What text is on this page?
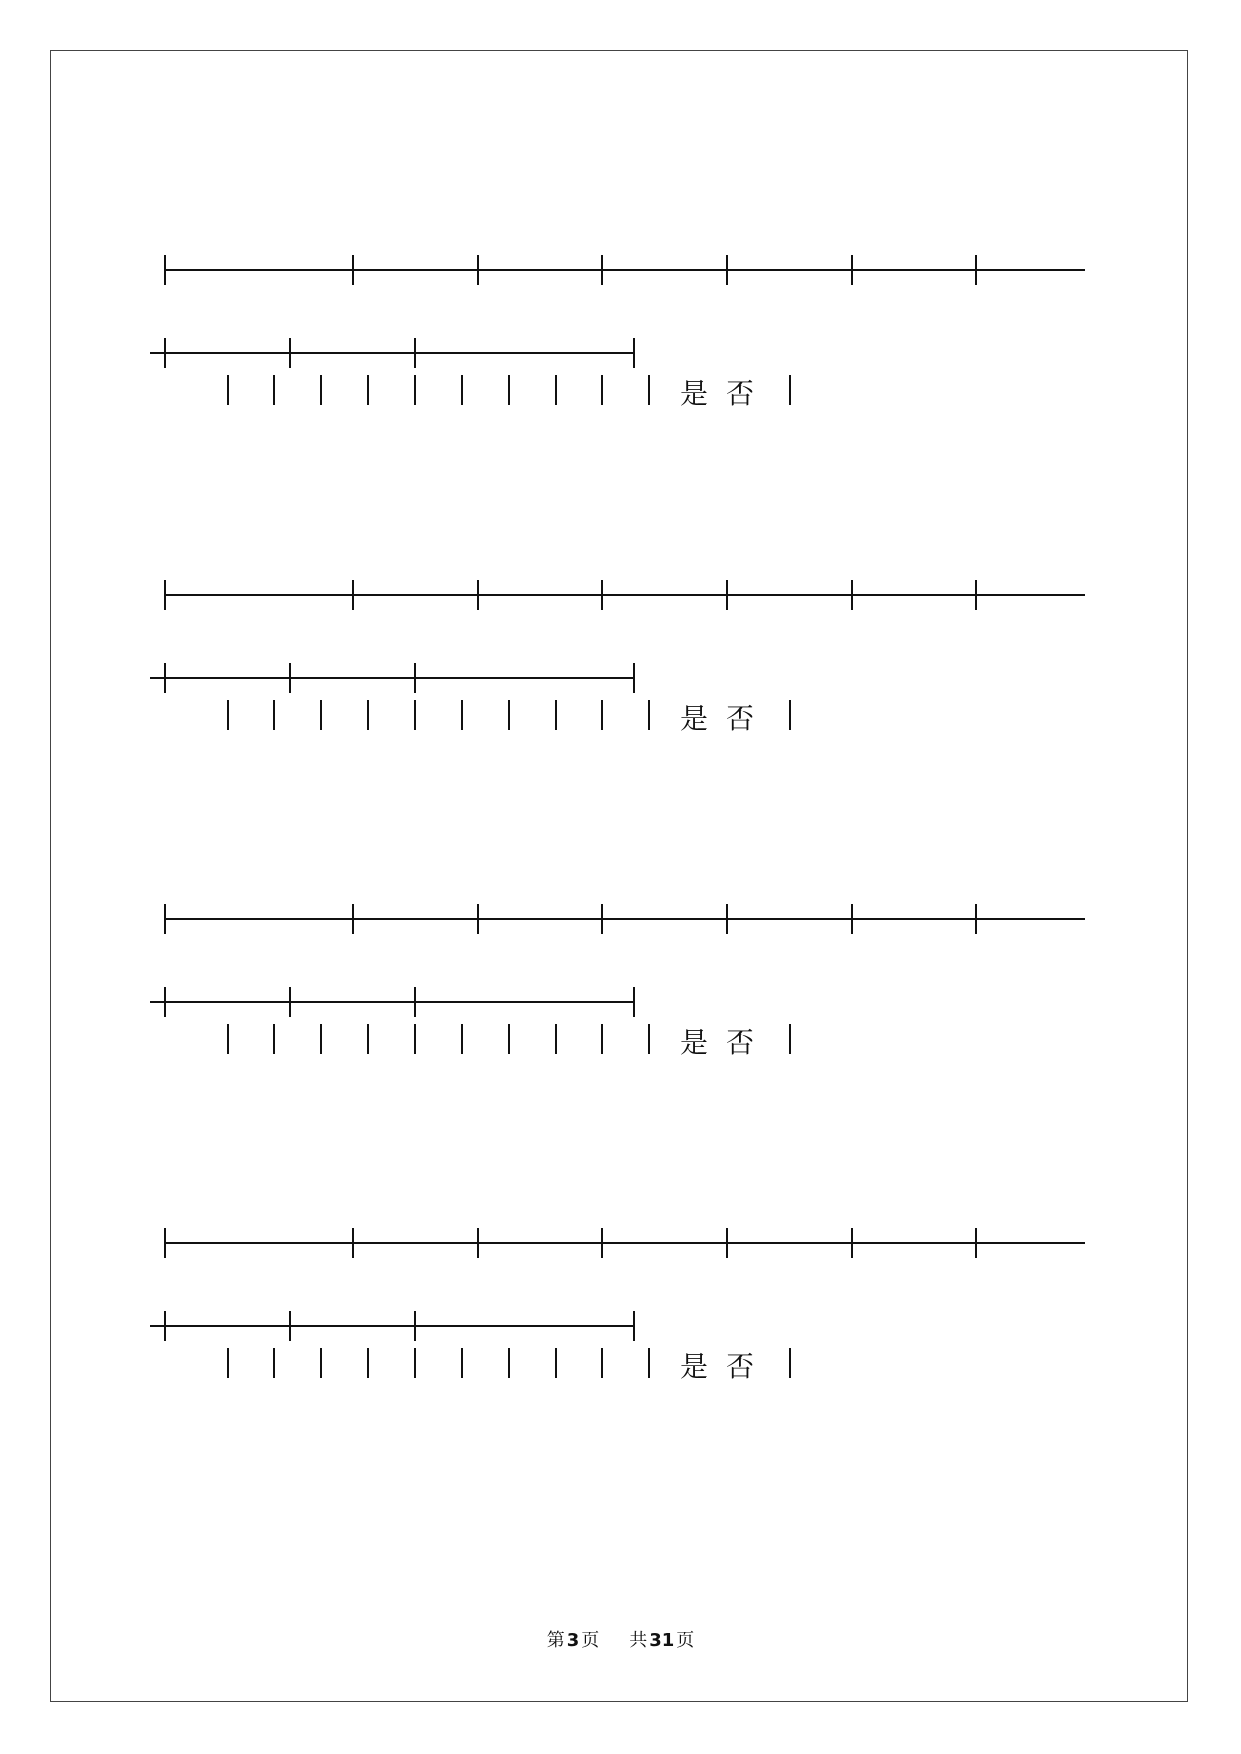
是否
是否
是否
是否
第 3 页 共 31 页
